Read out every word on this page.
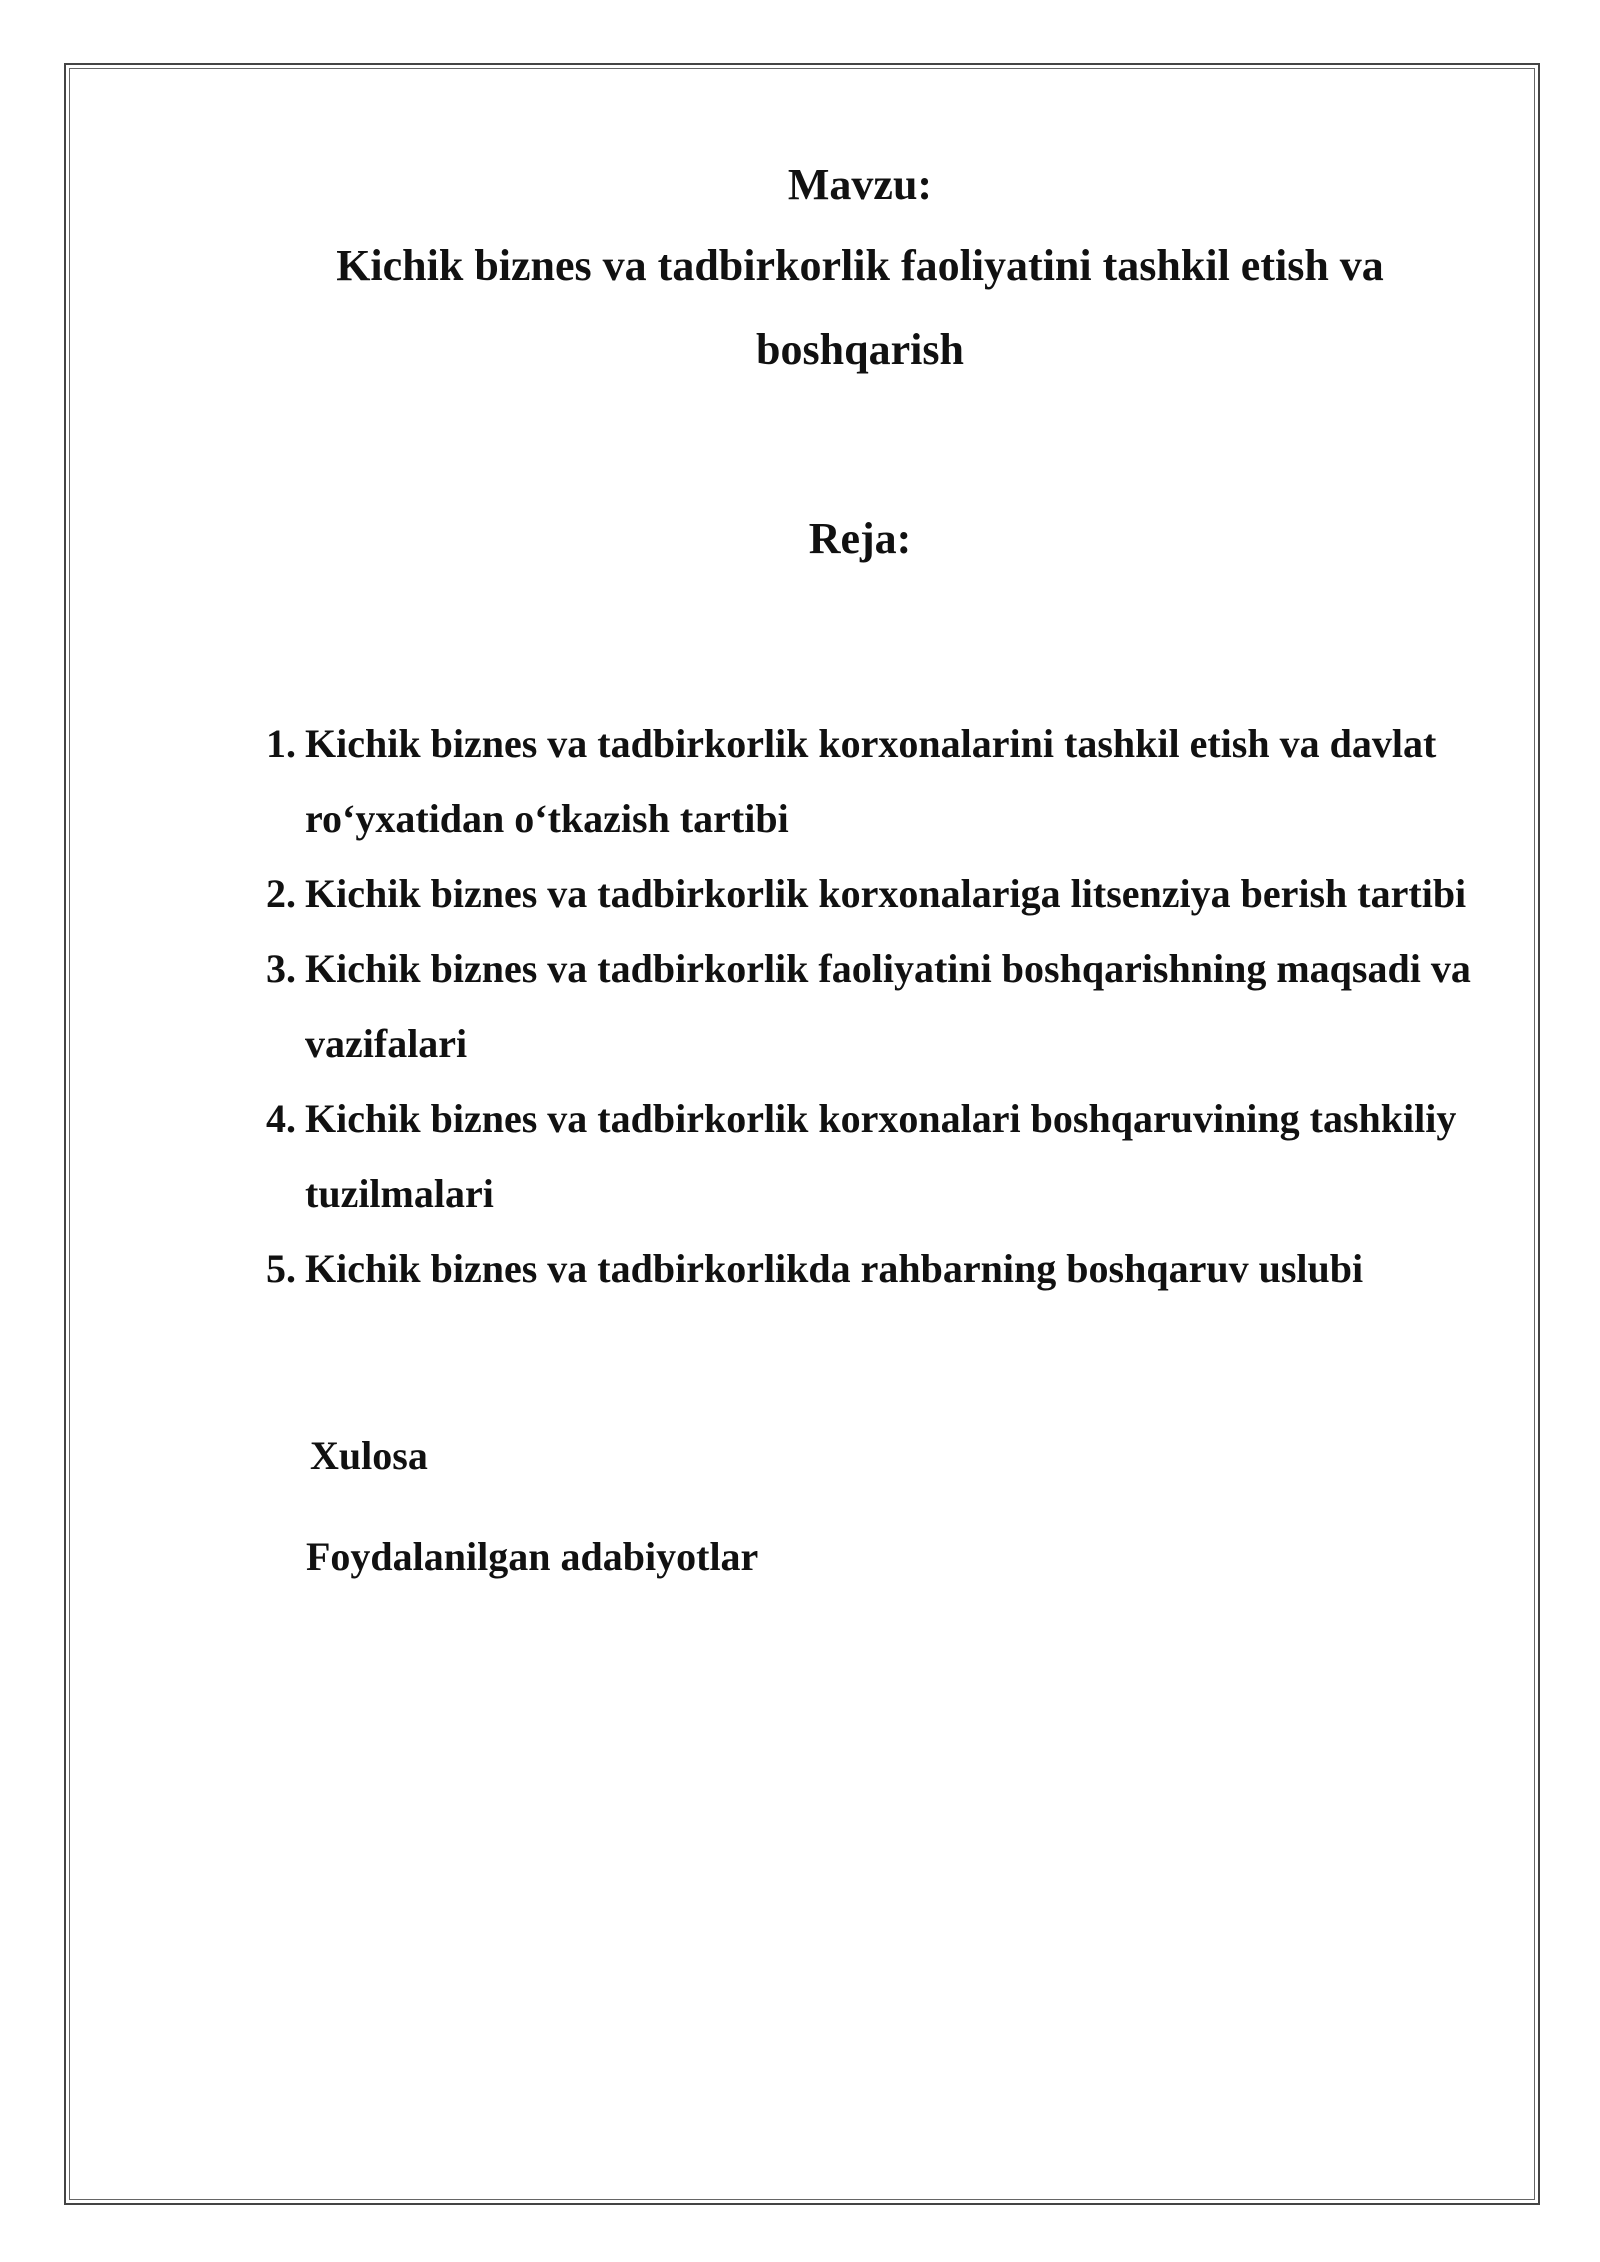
Mavzu:
Kichik biznes va tadbirkorlik faoliyatini tashkil etish va
boshqarish
Reja:
1. Kichik biznes va tadbirkorlik korxonalarini tashkil etish va davlat ro‘yxatidan o‘tkazish tartibi
2. Kichik biznes va tadbirkorlik korxonalariga litsenziya berish tartibi
3. Kichik biznes va tadbirkorlik faoliyatini boshqarishning maqsadi va vazifalari
4. Kichik biznes va tadbirkorlik korxonalari boshqaruvining tashkiliy tuzilmalari
5. Kichik biznes va tadbirkorlikda rahbarning boshqaruv uslubi
Xulosa
Foydalanilgan adabiyotlar
